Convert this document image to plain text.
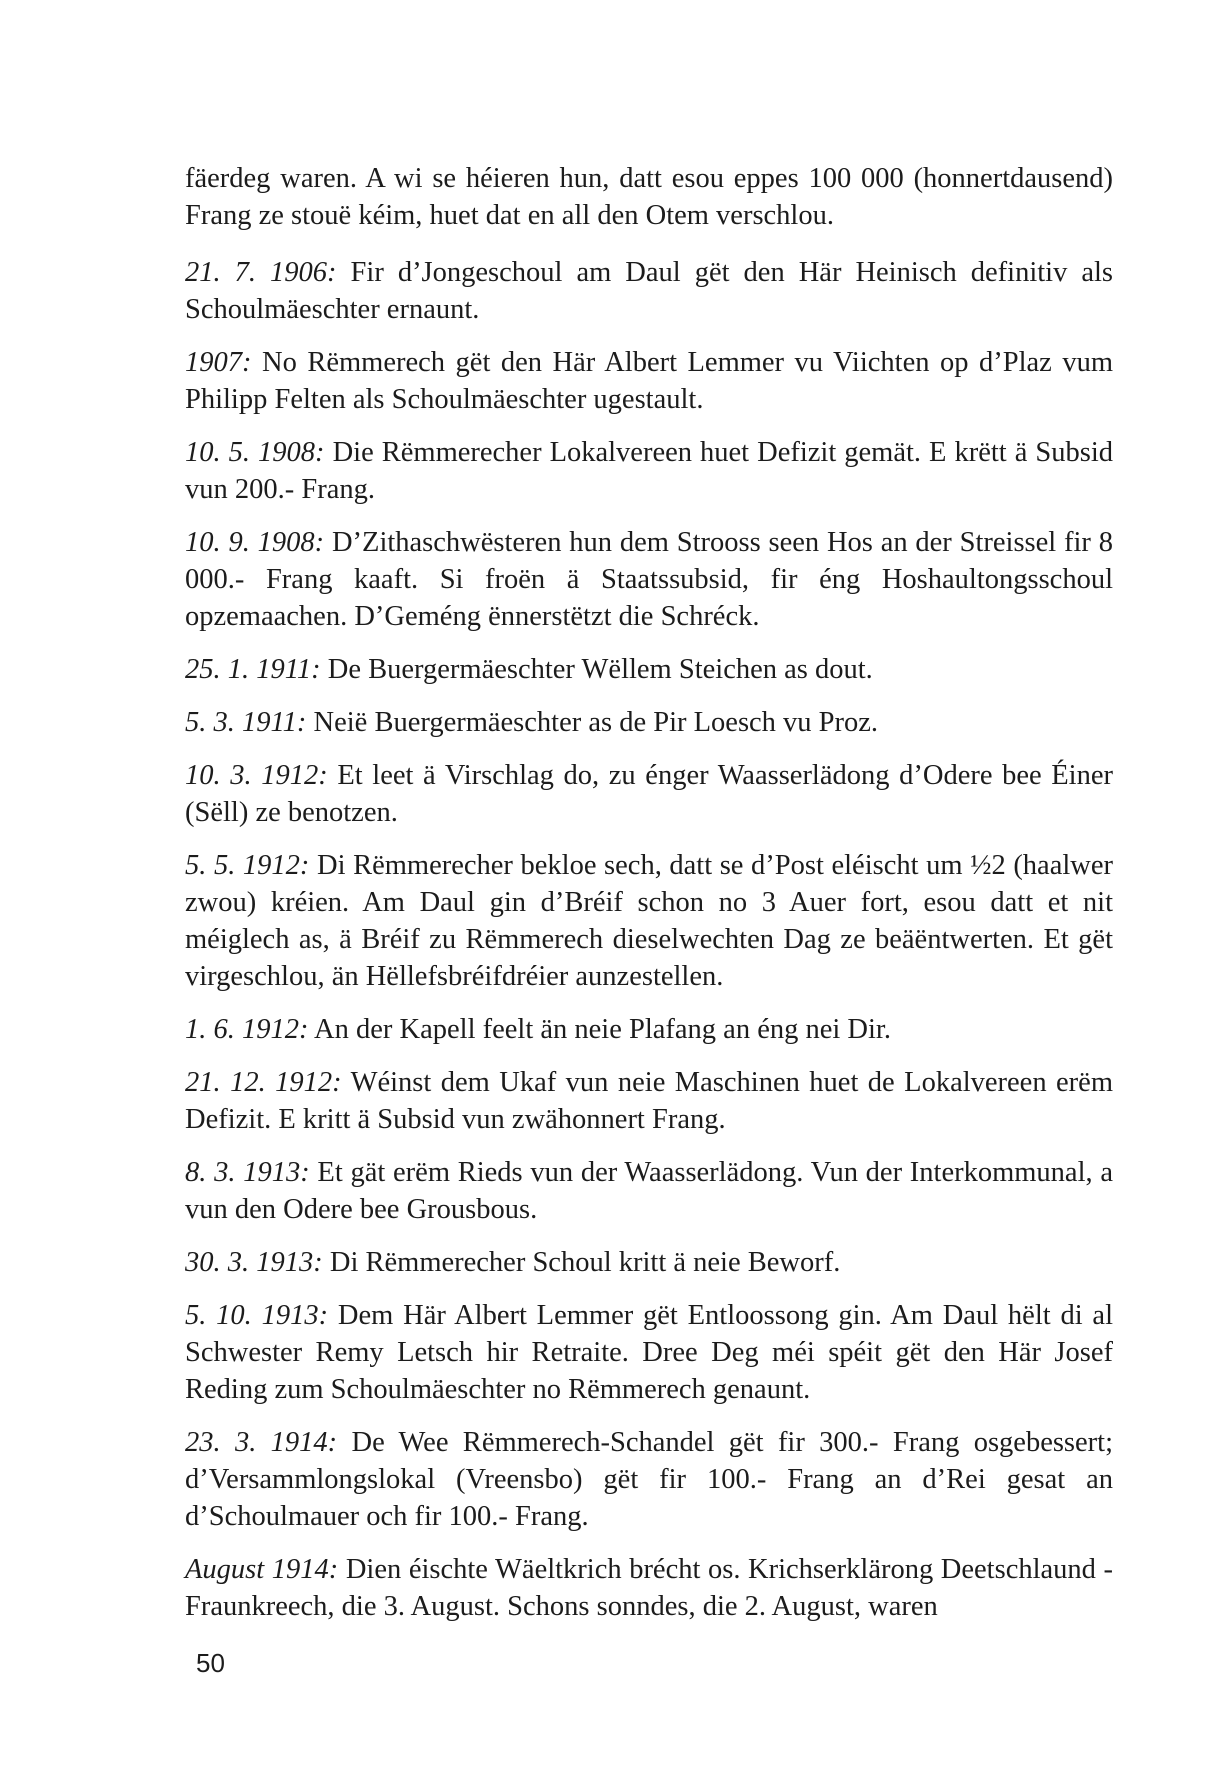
fäerdeg waren. A wi se héieren hun, datt esou eppes 100 000 (honnertdausend) Frang ze stouë kéim, huet dat en all den Otem verschlou.

21. 7. 1906: Fir d’Jongeschoul am Daul gët den Här Heinisch definitiv als Schoulmäeschter ernaunt.

1907: No Rëmmerech gët den Här Albert Lemmer vu Viichten op d’Plaz vum Philipp Felten als Schoulmäeschter ugestault.

10. 5. 1908: Die Rëmmerecher Lokalvereen huet Defizit gemät. E krëtt ä Subsid vun 200.- Frang.

10. 9. 1908: D’Zithaschwësteren hun dem Strooss seen Hos an der Streissel fir 8 000.- Frang kaaft. Si froën ä Staatssubsid, fir éng Hoshaultongsschoul opzemaachen. D’Geméng ënnerstëtzt die Schréck.

25. 1. 1911: De Buergermäeschter Wëllem Steichen as dout.

5. 3. 1911: Neië Buergermäeschter as de Pir Loesch vu Proz.

10. 3. 1912: Et leet ä Virschlag do, zu énger Waasserlädong d’Odere bee Éiner (Sëll) ze benotzen.

5. 5. 1912: Di Rëmmerecher bekloe sech, datt se d’Post eléischt um ½2 (haalwer zwou) kréien. Am Daul gin d’Bréif schon no 3 Auer fort, esou datt et nit méiglech as, ä Bréif zu Rëmmerech dieselwechten Dag ze beäëntwerten. Et gët virgeschlou, än Hëllefsbréifdréier aunzestellen.

1. 6. 1912: An der Kapell feelt än neie Plafang an éng nei Dir.

21. 12. 1912: Wéinst dem Ukaf vun neie Maschinen huet de Lokalvereen erëm Defizit. E kritt ä Subsid vun zwähonnert Frang.

8. 3. 1913: Et gät erëm Rieds vun der Waasserlädong. Vun der Interkommunal, a vun den Odere bee Grousbous.

30. 3. 1913: Di Rëmmerecher Schoul kritt ä neie Beworf.

5. 10. 1913: Dem Här Albert Lemmer gët Entloossong gin. Am Daul hëlt di al Schwester Remy Letsch hir Retraite. Dree Deg méi spéit gët den Här Josef Reding zum Schoulmäeschter no Rëmmerech genaunt.

23. 3. 1914: De Wee Rëmmerech-Schandel gët fir 300.- Frang osgebessert; d’Versammlongslokal (Vreensbo) gët fir 100.- Frang an d’Rei gesat an d’Schoulmauer och fir 100.- Frang.

August 1914: Dien éischte Wäeltkrich brécht os. Krichserklärong Deetschlaund - Fraunkreech, die 3. August. Schons sonndes, die 2. August, waren

50
